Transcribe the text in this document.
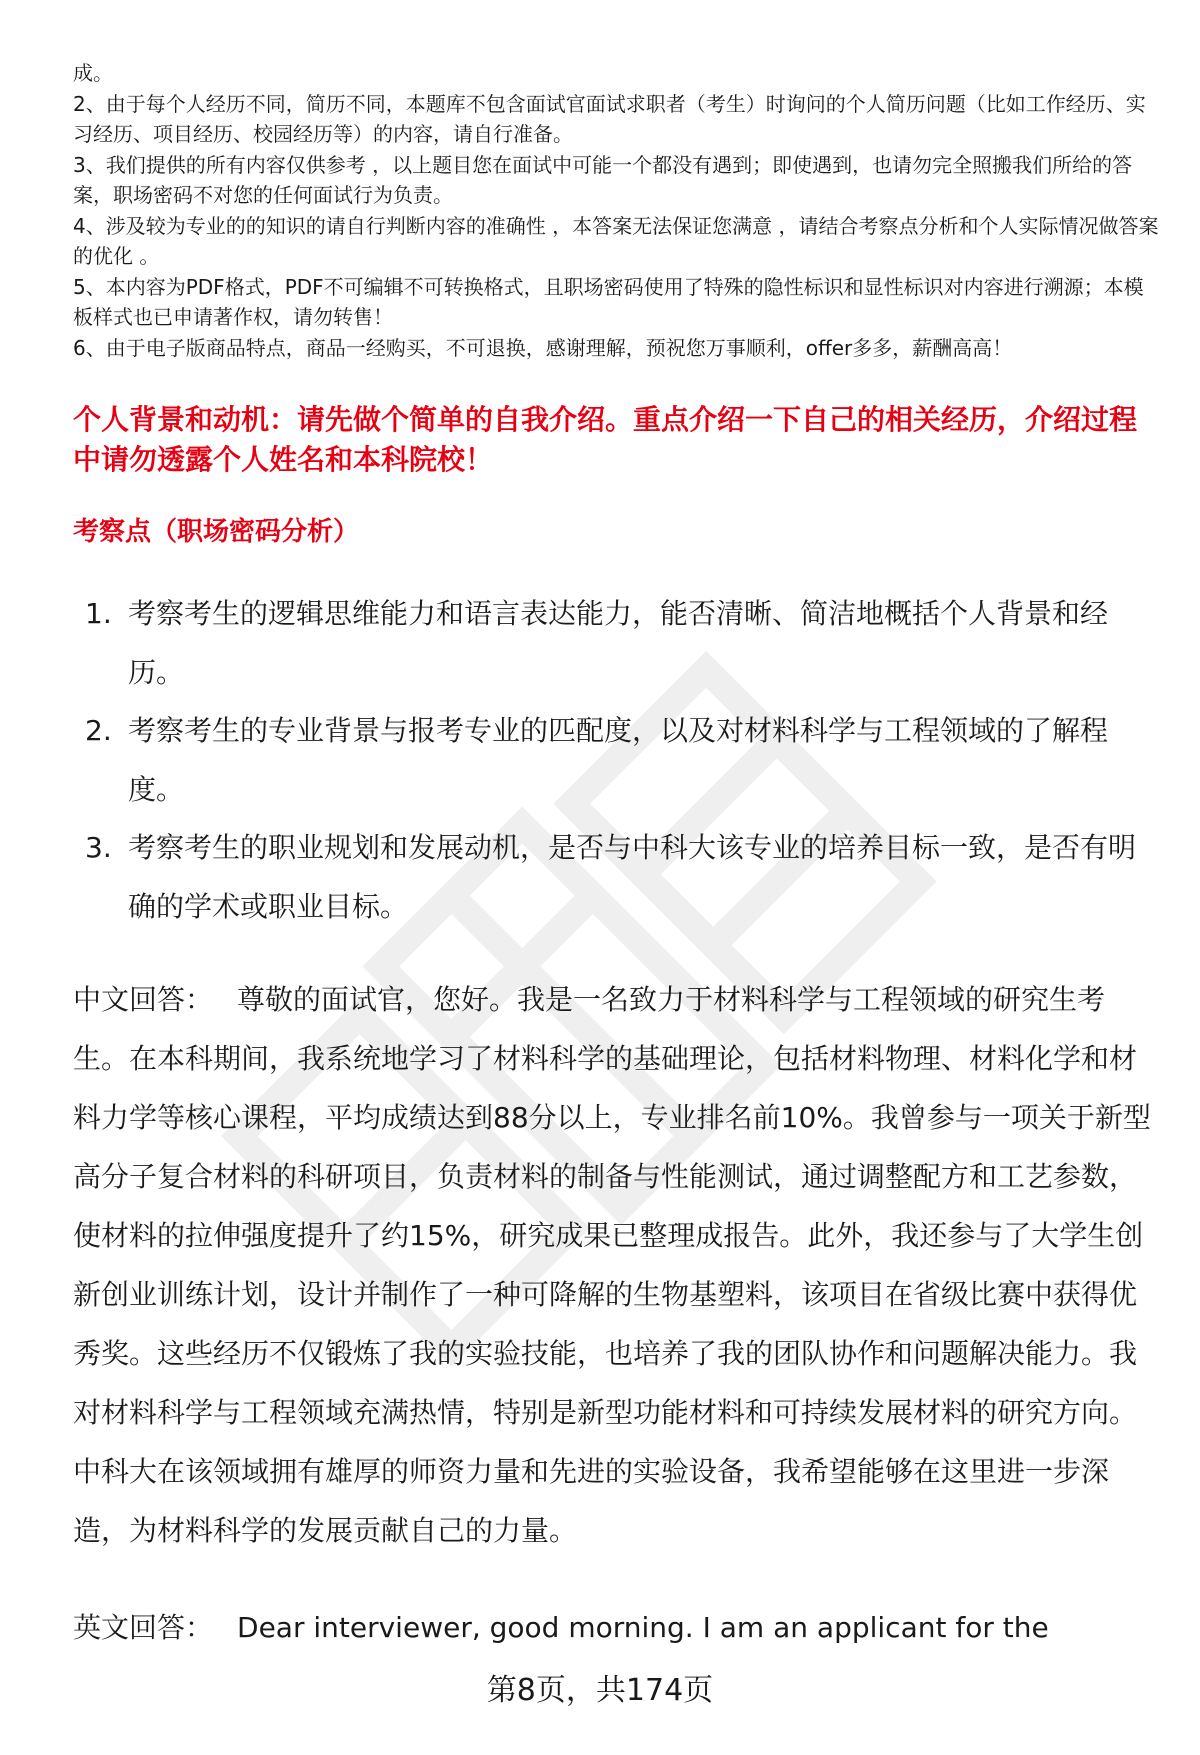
成。

2、由于每个人经历不同，简历不同，本题库不包含面试官面试求职者（考生）时询问的个人简历问题（比如工作经历、实习经历、项目经历、校园经历等）的内容，请自行准备。

3、我们提供的所有内容仅供参考 ，以上题目您在面试中可能一个都没有遇到；即使遇到，也请勿完全照搬我们所给的答案，职场密码不对您的任何面试行为负责。

4、涉及较为专业的的知识的请自行判断内容的准确性 ，本答案无法保证您满意 ，请结合考察点分析和个人实际情况做答案的优化 。

5、本内容为PDF格式，PDF不可编辑不可转换格式，且职场密码使用了特殊的隐性标识和显性标识对内容进行溯源；本模板样式也已申请著作权，请勿转售！

6、由于电子版商品特点，商品一经购买，不可退换，感谢理解，预祝您万事顺利，offer多多，薪酬高高！

个人背景和动机：请先做个简单的自我介绍。重点介绍一下自己的相关经历，介绍过程中请勿透露个人姓名和本科院校！
考察点（职场密码分析）
1. 考察考生的逻辑思维能力和语言表达能力，能否清晰、简洁地概括个人背景和经历。
2. 考察考生的专业背景与报考专业的匹配度，以及对材料科学与工程领域的了解程度。
3. 考察考生的职业规划和发展动机，是否与中科大该专业的培养目标一致，是否有明确的学术或职业目标。
中文回答： 尊敬的面试官，您好。我是一名致力于材料科学与工程领域的研究生考生。在本科期间，我系统地学习了材料科学的基础理论，包括材料物理、材料化学和材料力学等核心课程，平均成绩达到88分以上，专业排名前10%。我曾参与一项关于新型高分子复合材料的科研项目，负责材料的制备与性能测试，通过调整配方和工艺参数，使材料的拉伸强度提升了约15%，研究成果已整理成报告。此外，我还参与了大学生创新创业训练计划，设计并制作了一种可降解的生物基塑料，该项目在省级比赛中获得优秀奖。这些经历不仅锻炼了我的实验技能，也培养了我的团队协作和问题解决能力。我对材料科学与工程领域充满热情，特别是新型功能材料和可持续发展材料的研究方向。中科大在该领域拥有雄厚的师资力量和先进的实验设备，我希望能够在这里进一步深造，为材料科学的发展贡献自己的力量。
英文回答： Dear interviewer, good morning. I am an applicant for the
第8页，共174页
